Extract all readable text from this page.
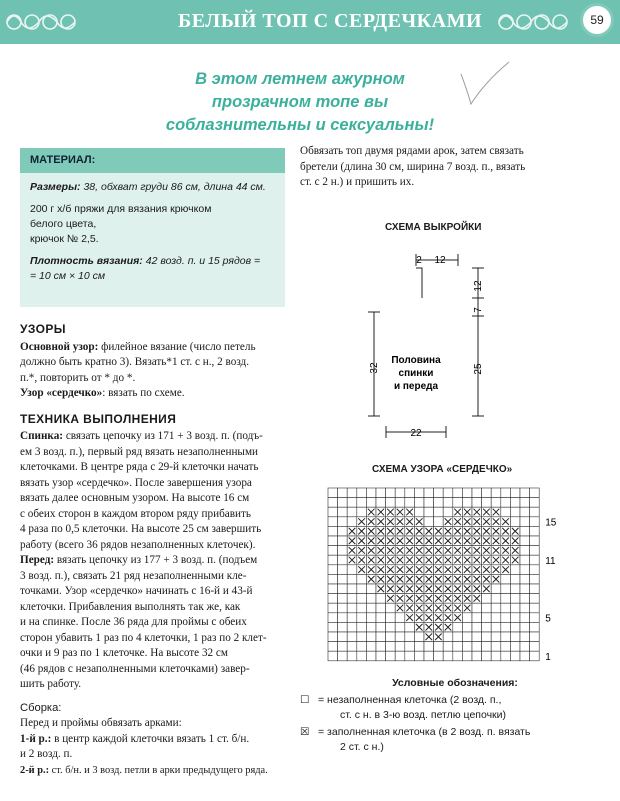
БЕЛЫЙ ТОП С СЕРДЕЧКАМИ	59
В этом летнем ажурном
прозрачном топе вы
соблазнительны и сексуальны!
МАТЕРИАЛ:

Размеры: 38, обхват груди 86 см, длина 44 см.

200 г х/б пряжи для вязания крючком
белого цвета,
крючок № 2,5.

Плотность вязания: 42 возд. п. и 15 рядов =
= 10 см × 10 см

УЗОРЫ

Основной узор: филейное вязание (число петель
должно быть кратно 3). Вязать*1 ст. с н., 2 возд.
п.*, повторить от * до *.

Узор «сердечко»: вязать по схеме.

ТЕХНИКА ВЫПОЛНЕНИЯ

Спинка: связать цепочку из 171 + 3 возд. п. (подъ-
ем 3 возд. п.), первый ряд вязать незаполненными
клеточками. В центре ряда с 29-й клеточки начать
вязать узор «сердечко». После завершения узора
вязать далее основным узором. На высоте 16 см
с обеих сторон в каждом втором ряду прибавить
4 раза по 0,5 клеточки. На высоте 25 см завершить
работу (всего 36 рядов незаполненных клеточек).

Перед: вязать цепочку из 177 + 3 возд. п. (подъем
3 возд. п.), связать 21 ряд незаполненными кле-
точками. Узор «сердечко» начинать с 16-й и 43-й
клеточки. Прибавления выполнять так же, как
и на спинке. После 36 ряда для проймы с обеих
сторон убавить 1 раз по 4 клеточки, 1 раз по 2 клет-
очки и 9 раз по 1 клеточке. На высоте 32 см
(46 рядов с незаполненными клеточками) завер-
шить работу.

Сборка:

Перед и проймы обвязать арками:

1-й р.: в центр каждой клеточки вязать 1 ст. б/н.
и 2 возд. п.

2-й р.: ст. б/н. и 3 возд. петли в арки предыдущего ряда.

Обвязать топ двумя рядами арок, затем связать

бретели (длина 30 см, ширина 7 возд. п., вязать

ст. с 2 н.) и пришить их.

СХЕМА ВЫКРОЙКИ
2 12
32
12
7
25
22
Половина
спинки
и переда
СХЕМА УЗОРА «СЕРДЕЧКО»
15
11
5
1
Условные обозначения:
☐ = незаполненная клеточка (2 возд. п.,
ст. с н. в 3-ю возд. петлю цепочки)
☒ = заполненная клеточка (в 2 возд. п. вязать
2 ст. с н.)
